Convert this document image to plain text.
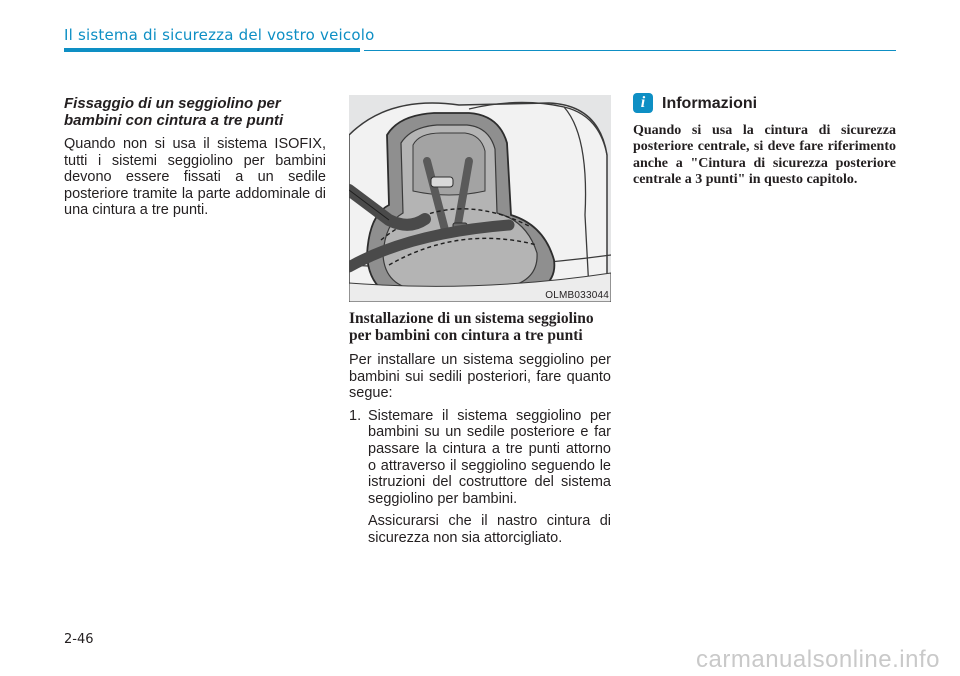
Il sistema di sicurezza del vostro veicolo
Fissaggio di un seggiolino per bambini con cintura a tre punti

Quando non si usa il sistema ISOFIX, tutti i sistemi seggiolino per bambini devono essere fissati a un sedile posteriore tramite la parte addominale di una cintura a tre punti.

OLMB033044
Installazione di un sistema seggiolino per bambini con cintura a tre punti

Per installare un sistema seggiolino per bambini sui sedili posteriori, fare quanto segue:

1. Sistemare il sistema seggiolino per bambini su un sedile posteriore e far passare la cintura a tre punti attorno o attraverso il seggiolino seguendo le istruzioni del costruttore del sistema seggiolino per bambini.

Assicurarsi che il nastro cintura di sicurezza non sia attorcigliato.

i	Informazioni

Quando si usa la cintura di sicurezza posteriore centrale, si deve fare riferimento anche a "Cintura di sicurezza posteriore centrale a 3 punti" in questo capitolo.

2-46
carmanualsonline.info
